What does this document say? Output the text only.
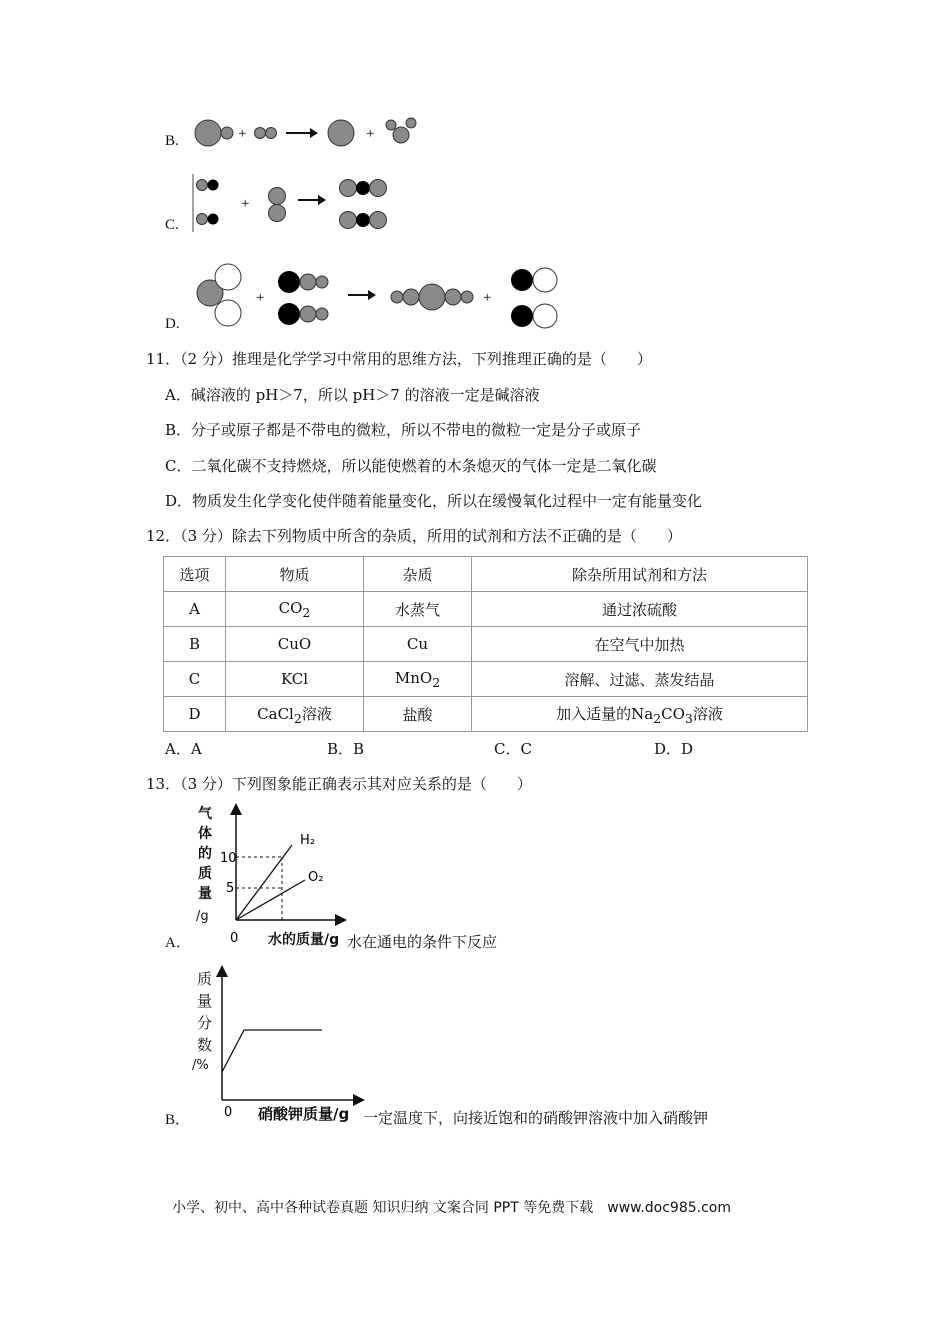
B.	+	+
C.
+
D.
+	+
11．（2 分）推理是化学学习中常用的思维方法，下列推理正确的是（　　）
A．碱溶液的 pH＞7，所以 pH＞7 的溶液一定是碱溶液
B．分子或原子都是不带电的微粒，所以不带电的微粒一定是分子或原子
C．二氧化碳不支持燃烧，所以能使燃着的木条熄灭的气体一定是二氧化碳
D．物质发生化学变化使伴随着能量变化，所以在缓慢氧化过程中一定有能量变化
12．（3 分）除去下列物质中所含的杂质，所用的试剂和方法不正确的是（　　）
选项	物质	杂质	除杂所用试剂和方法
A	$CO_2$	水蒸气	通过浓硫酸
B	CuO	Cu	在空气中加热
C	KCl	MnO$_2$	溶解、过滤、蒸发结晶
D	CaCl$_2$溶液	盐酸	加入适量的$Na_2CO_3$溶液
A．A	B．B	C．C	D．D
13．（3 分）下列图象能正确表示其对应关系的是（　　）
气
体
的
质
量
/g
10
5
H₂
O₂
0
A．	水的质量/g 水在通电的条件下反应
质
量
分
数
/%
0
B．	硝酸钾质量/g 一定温度下，向接近饱和的硝酸钾溶液中加入硝酸钾
小学、初中、高中各种试卷真题 知识归纳 文案合同 PPT 等免费下载 www.doc985.com
